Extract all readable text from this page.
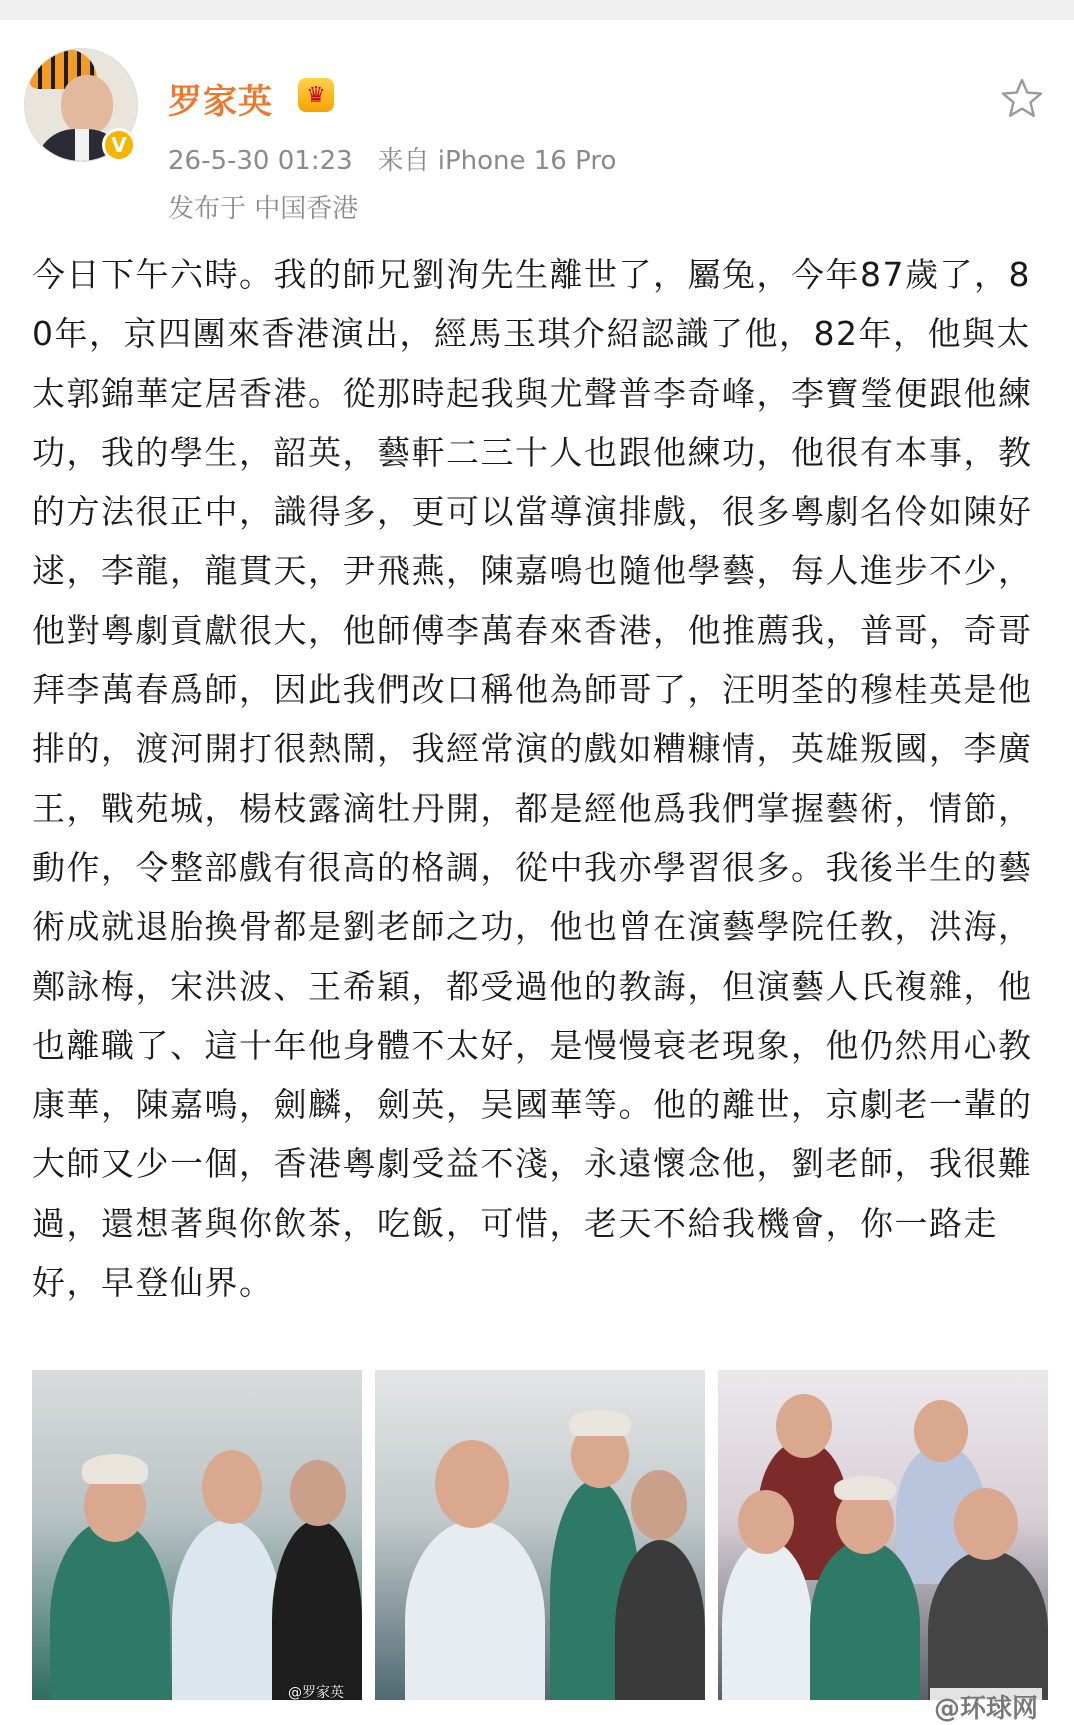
V
罗家英	♛
26-5-30 01:23 来自 iPhone 16 Pro
发布于 中国香港

今日下午六時。我的師兄劉洵先生離世了，屬兔，今年87歲了，80年，京四團來香港演出，經馬玉琪介紹認識了他，82年，他與太太郭錦華定居香港。從那時起我與尤聲普李奇峰，李寶瑩便跟他練功，我的學生，韶英，藝軒二三十人也跟他練功，他很有本事，教的方法很正中，識得多，更可以當導演排戲，很多粵劇名伶如陳好逑，李龍，龍貫天，尹飛燕，陳嘉鳴也隨他學藝，每人進步不少，他對粵劇貢獻很大，他師傅李萬春來香港，他推薦我，普哥，奇哥拜李萬春爲師，因此我們改口稱他為師哥了，汪明荃的穆桂英是他排的，渡河開打很熱鬧，我經常演的戲如糟糠情，英雄叛國，李廣王，戰苑城，楊枝露滴牡丹開，都是經他爲我們掌握藝術，情節，動作，令整部戲有很高的格調，從中我亦學習很多。我後半生的藝術成就退胎換骨都是劉老師之功，他也曾在演藝學院任教，洪海，鄭詠梅，宋洪波、王希穎，都受過他的教誨，但演藝人氏複雜，他也離職了、這十年他身體不太好，是慢慢衰老現象，他仍然用心教康華，陳嘉鳴，劍麟，劍英，吴國華等。他的離世，京劇老一輩的大師又少一個，香港粵劇受益不淺，永遠懷念他，劉老師，我很難過，還想著與你飲茶，吃飯，可惜，老天不給我機會，你一路走好，早登仙界。

@罗家英
@环球网
